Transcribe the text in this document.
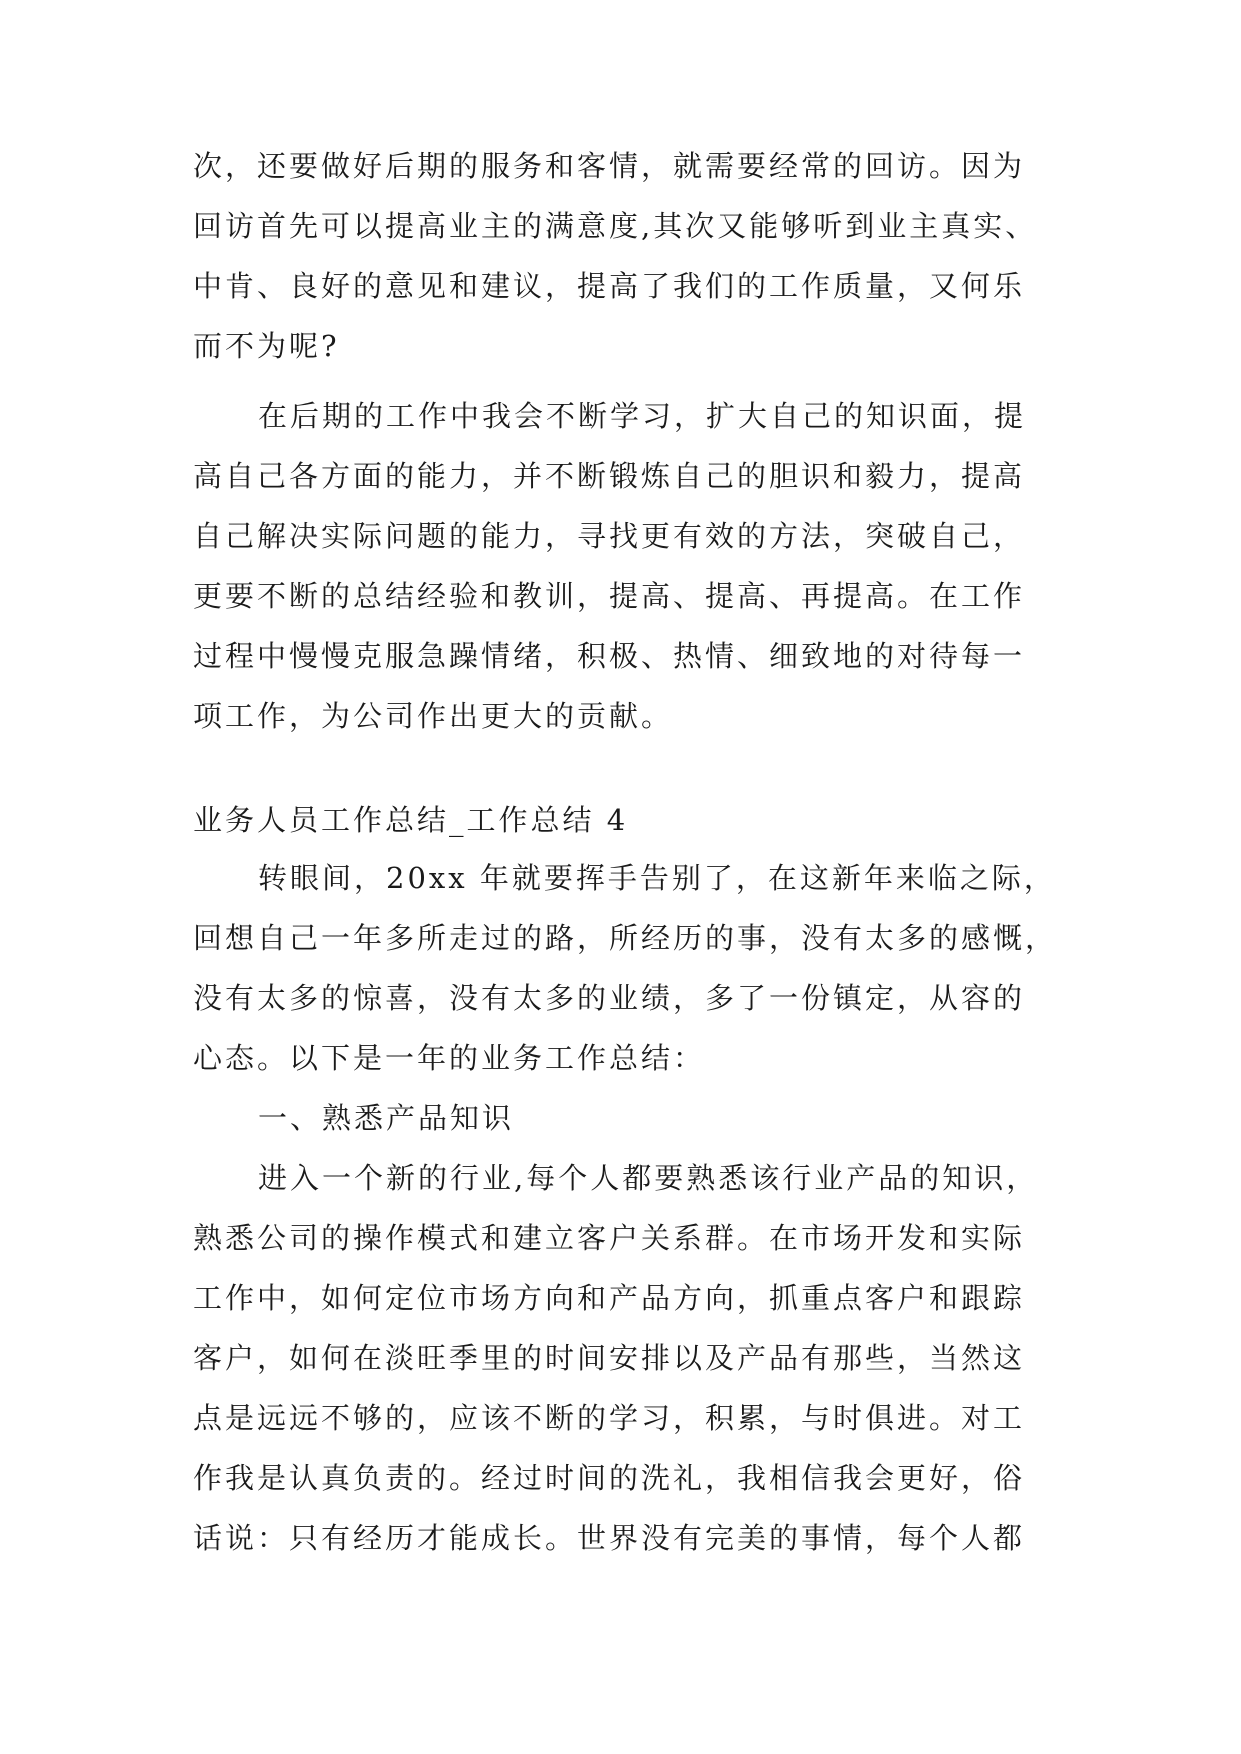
次，还要做好后期的服务和客情，就需要经常的回访。因为
回访首先可以提高业主的满意度,其次又能够听到业主真实、
中肯、良好的意见和建议，提高了我们的工作质量，又何乐
而不为呢?
在后期的工作中我会不断学习，扩大自己的知识面，提
高自己各方面的能力，并不断锻炼自己的胆识和毅力，提高
自己解决实际问题的能力，寻找更有效的方法，突破自己，
更要不断的总结经验和教训，提高、提高、再提高。在工作
过程中慢慢克服急躁情绪，积极、热情、细致地的对待每一
项工作，为公司作出更大的贡献。
业务人员工作总结_工作总结 4
转眼间，20xx 年就要挥手告别了，在这新年来临之际，
回想自己一年多所走过的路，所经历的事，没有太多的感慨，
没有太多的惊喜，没有太多的业绩，多了一份镇定，从容的
心态。以下是一年的业务工作总结：
一、熟悉产品知识
进入一个新的行业,每个人都要熟悉该行业产品的知识，
熟悉公司的操作模式和建立客户关系群。在市场开发和实际
工作中，如何定位市场方向和产品方向，抓重点客户和跟踪
客户，如何在淡旺季里的时间安排以及产品有那些，当然这
点是远远不够的，应该不断的学习，积累，与时俱进。对工
作我是认真负责的。经过时间的洗礼，我相信我会更好，俗
话说：只有经历才能成长。世界没有完美的事情，每个人都
